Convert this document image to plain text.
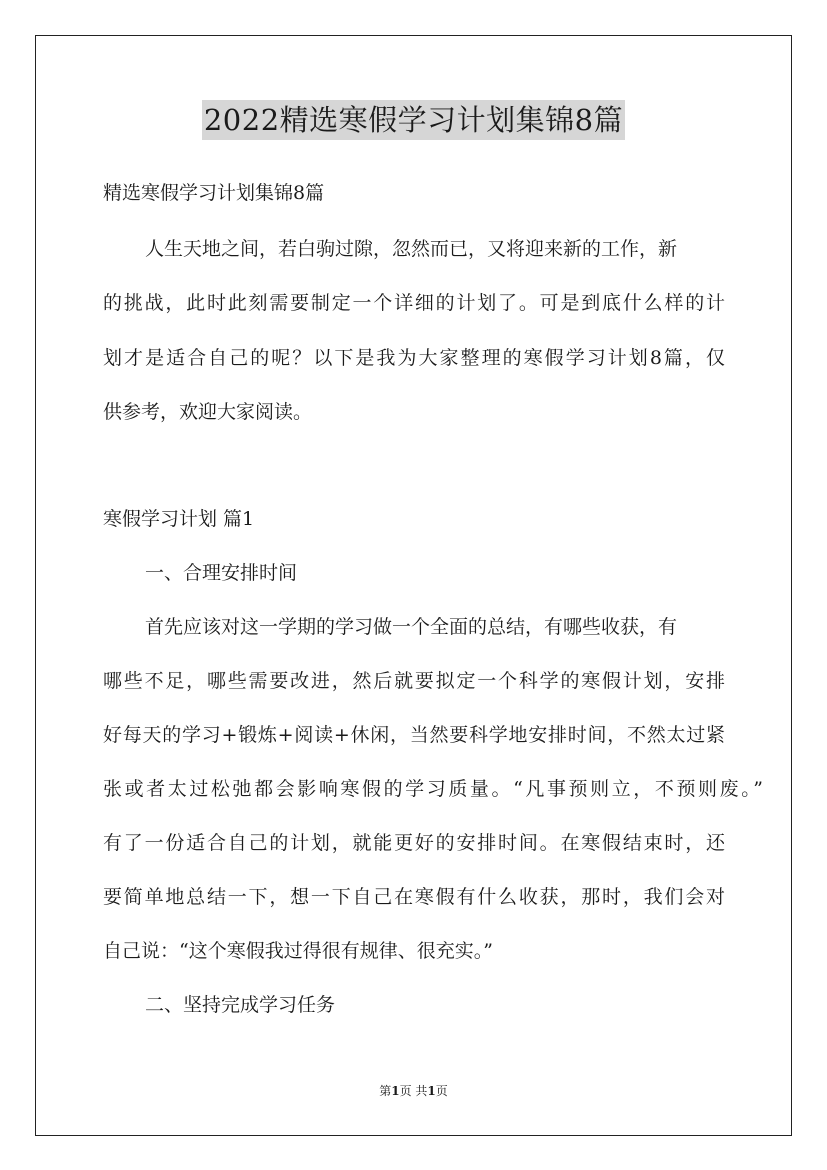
2022精选寒假学习计划集锦8篇
精选寒假学习计划集锦8篇
人生天地之间，若白驹过隙，忽然而已，又将迎来新的工作，新
的挑战，此时此刻需要制定一个详细的计划了。可是到底什么样的计
划才是适合自己的呢？以下是我为大家整理的寒假学习计划8篇，仅
供参考，欢迎大家阅读。
寒假学习计划 篇1
一、合理安排时间
首先应该对这一学期的学习做一个全面的总结，有哪些收获，有
哪些不足，哪些需要改进，然后就要拟定一个科学的寒假计划，安排
好每天的学习+锻炼+阅读+休闲，当然要科学地安排时间，不然太过紧
张或者太过松弛都会影响寒假的学习质量。“凡事预则立，不预则废。”
有了一份适合自己的计划，就能更好的安排时间。在寒假结束时，还
要简单地总结一下，想一下自己在寒假有什么收获，那时，我们会对
自己说：“这个寒假我过得很有规律、很充实。”
二、坚持完成学习任务
第1页 共1页
